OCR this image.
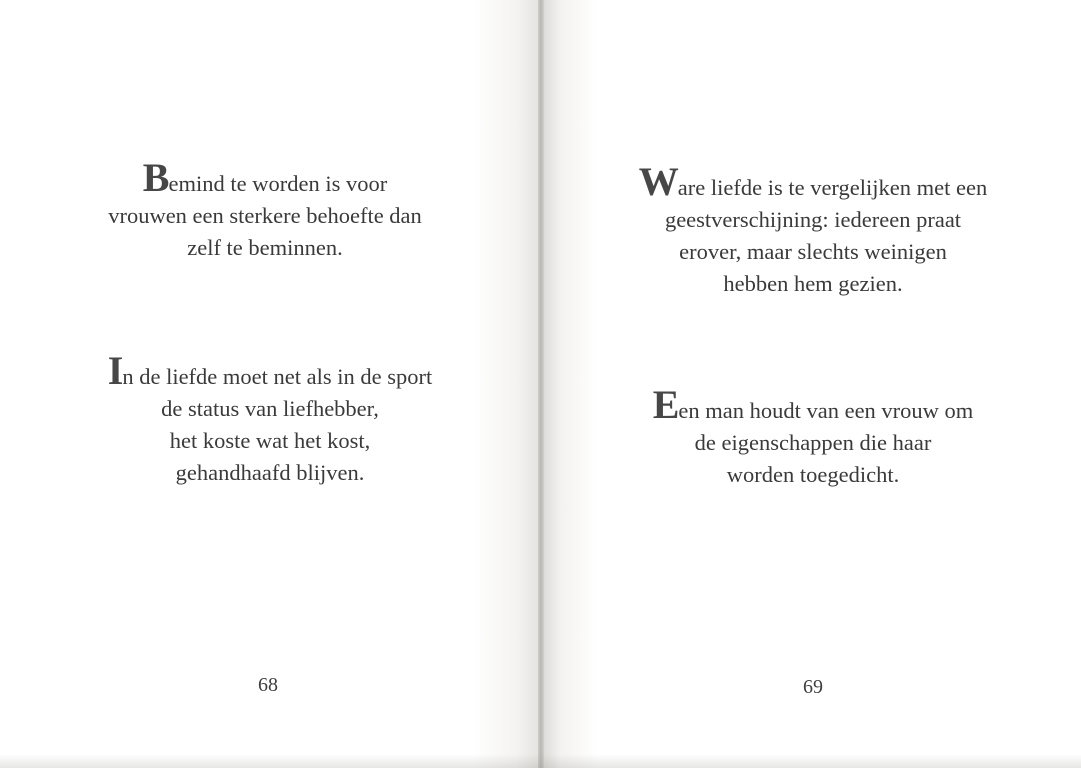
Bemind te worden is voor
vrouwen een sterkere behoefte dan
zelf te beminnen.
In de liefde moet net als in de sport
de status van liefhebber,
het koste wat het kost,
gehandhaafd blijven.
68
Ware liefde is te vergelijken met een
geestverschijning: iedereen praat
erover, maar slechts weinigen
hebben hem gezien.
Een man houdt van een vrouw om
de eigenschappen die haar
worden toegedicht.
69
